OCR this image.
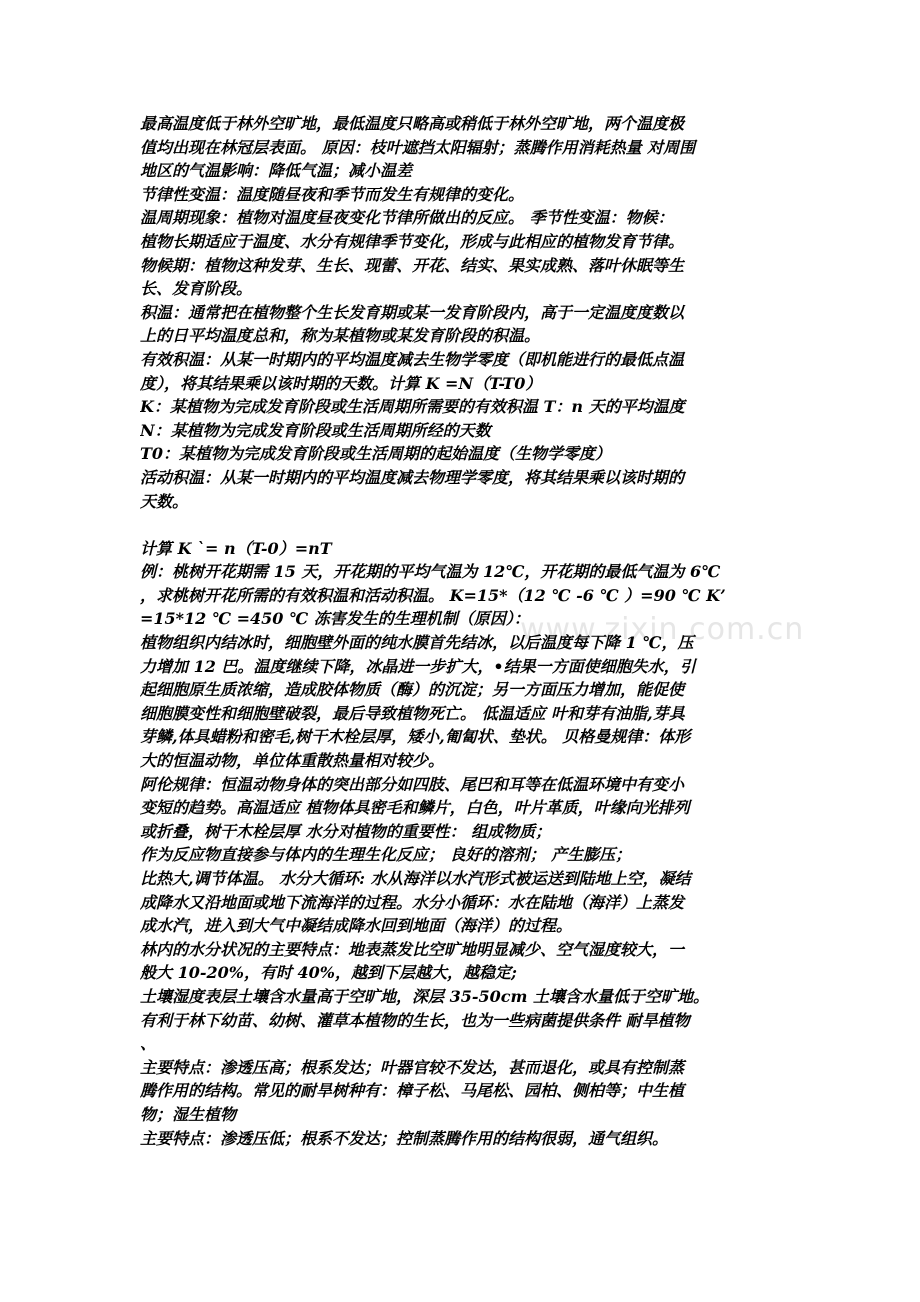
www.zixin.com.cn
最高温度低于林外空旷地，最低温度只略高或稍低于林外空旷地，两个温度极
值均出现在林冠层表面。 原因：枝叶遮挡太阳辐射；蒸腾作用消耗热量 对周围
地区的气温影响：降低气温；减小温差
节律性变温：温度随昼夜和季节而发生有规律的变化。
温周期现象：植物对温度昼夜变化节律所做出的反应。 季节性变温：物候：
植物长期适应于温度、水分有规律季节变化，形成与此相应的植物发育节律。
物候期：植物这种发芽、生长、现蕾、开花、结实、果实成熟、落叶休眠等生
长、发育阶段。
积温：通常把在植物整个生长发育期或某一发育阶段内，高于一定温度度数以
上的日平均温度总和，称为某植物或某发育阶段的积温。
有效积温：从某一时期内的平均温度减去生物学零度（即机能进行的最低点温
度），将其结果乘以该时期的天数。计算 K =N（T-T0）
K：某植物为完成发育阶段或生活周期所需要的有效积温 T：n 天的平均温度
N：某植物为完成发育阶段或生活周期所经的天数
T0：某植物为完成发育阶段或生活周期的起始温度（生物学零度）
活动积温：从某一时期内的平均温度减去物理学零度，将其结果乘以该时期的
天数。
计算 K `= n（T-0）=nT
例：桃树开花期需 15 天，开花期的平均气温为 12℃，开花期的最低气温为 6℃
，求桃树开花所需的有效积温和活动积温。 K=15*（12 ℃ -6 ℃ ）=90 ℃ K’
=15*12 ℃ =450 ℃ 冻害发生的生理机制（原因）：
植物组织内结冰时，细胞壁外面的纯水膜首先结冰，以后温度每下降 1 ℃，压
力增加 12 巴。温度继续下降，冰晶进一步扩大，•结果一方面使细胞失水，引
起细胞原生质浓缩，造成胶体物质（酶）的沉淀；另一方面压力增加，能促使
细胞膜变性和细胞壁破裂，最后导致植物死亡。 低温适应 叶和芽有油脂,芽具
芽鳞,体具蜡粉和密毛,树干木栓层厚，矮小,匍匐状、垫状。 贝格曼规律：体形
大的恒温动物，单位体重散热量相对较少。
阿伦规律：恒温动物身体的突出部分如四肢、尾巴和耳等在低温环境中有变小
变短的趋势。高温适应 植物体具密毛和鳞片，白色，叶片革质，叶缘向光排列
或折叠，树干木栓层厚 水分对植物的重要性： 组成物质；
作为反应物直接参与体内的生理生化反应； 良好的溶剂； 产生膨压；
比热大,调节体温。 水分大循环: 水从海洋以水汽形式被运送到陆地上空，凝结
成降水又沿地面或地下流海洋的过程。水分小循环：水在陆地（海洋）上蒸发
成水汽，进入到大气中凝结成降水回到地面（海洋）的过程。
林内的水分状况的主要特点：地表蒸发比空旷地明显减少、空气湿度较大，一
般大 10-20%，有时 40%，越到下层越大，越稳定;
土壤湿度表层土壤含水量高于空旷地，深层 35-50cm 土壤含水量低于空旷地。
有利于林下幼苗、幼树、灌草本植物的生长，也为一些病菌提供条件 耐旱植物
、
主要特点：渗透压高；根系发达；叶器官较不发达，甚而退化，或具有控制蒸
腾作用的结构。常见的耐旱树种有：樟子松、马尾松、园柏、侧柏等；中生植
物；湿生植物
主要特点：渗透压低；根系不发达；控制蒸腾作用的结构很弱，通气组织。
